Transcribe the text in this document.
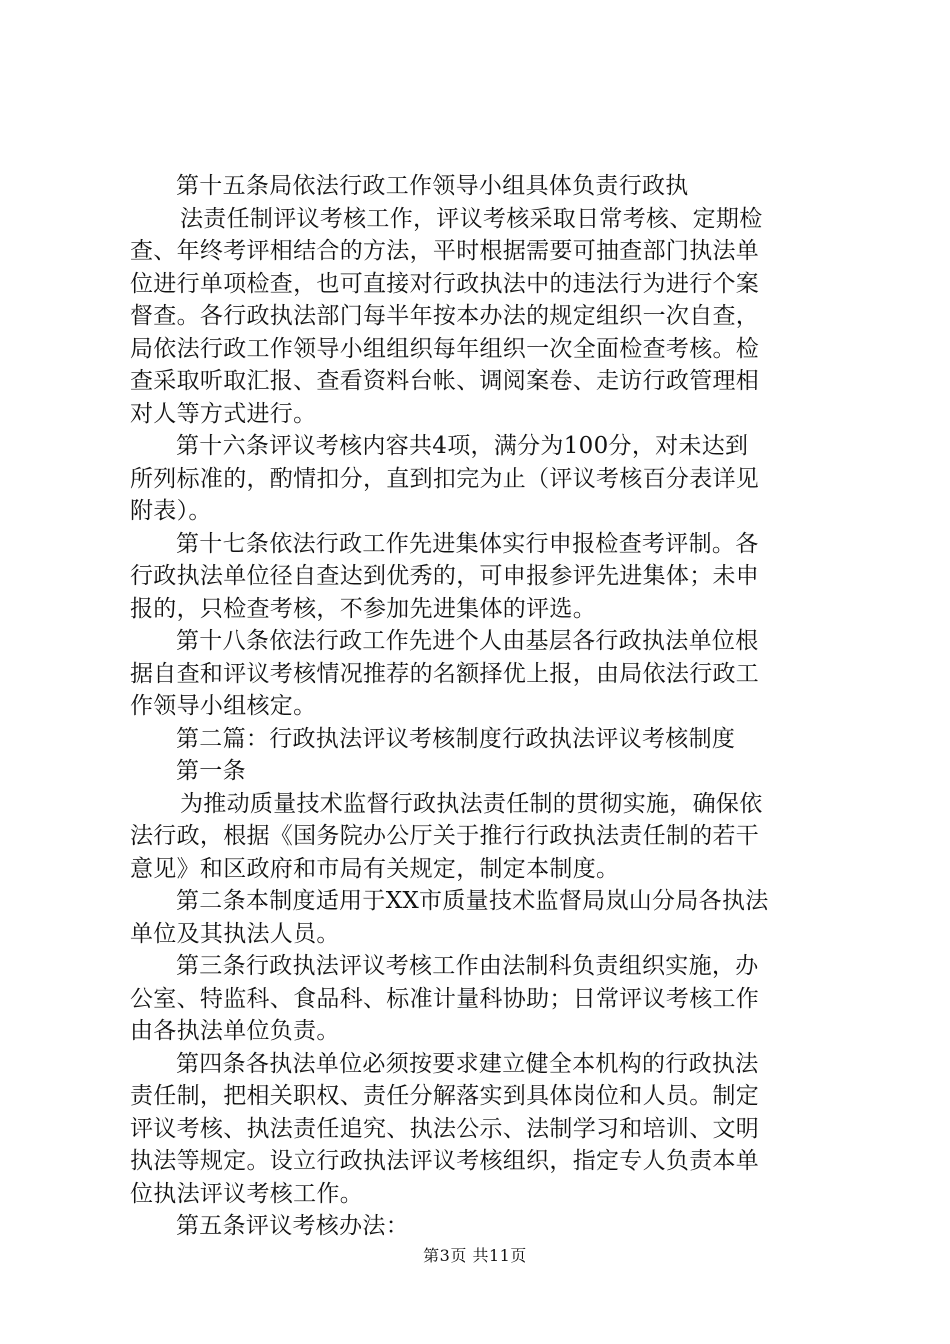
第十五条局依法行政工作领导小组具体负责行政执
法责任制评议考核工作，评议考核采取日常考核、定期检
查、年终考评相结合的方法，平时根据需要可抽查部门执法单
位进行单项检查，也可直接对行政执法中的违法行为进行个案
督查。各行政执法部门每半年按本办法的规定组织一次自查，
局依法行政工作领导小组组织每年组织一次全面检查考核。检
查采取听取汇报、查看资料台帐、调阅案卷、走访行政管理相
对人等方式进行。
第十六条评议考核内容共4项，满分为100分，对未达到
所列标准的，酌情扣分，直到扣完为止（评议考核百分表详见
附表）。
第十七条依法行政工作先进集体实行申报检查考评制。各
行政执法单位径自查达到优秀的，可申报参评先进集体；未申
报的，只检查考核，不参加先进集体的评选。
第十八条依法行政工作先进个人由基层各行政执法单位根
据自查和评议考核情况推荐的名额择优上报，由局依法行政工
作领导小组核定。
第二篇：行政执法评议考核制度行政执法评议考核制度
第一条
为推动质量技术监督行政执法责任制的贯彻实施，确保依
法行政，根据《国务院办公厅关于推行行政执法责任制的若干
意见》和区政府和市局有关规定，制定本制度。
第二条本制度适用于XX市质量技术监督局岚山分局各执法
单位及其执法人员。
第三条行政执法评议考核工作由法制科负责组织实施，办
公室、特监科、食品科、标准计量科协助；日常评议考核工作
由各执法单位负责。
第四条各执法单位必须按要求建立健全本机构的行政执法
责任制，把相关职权、责任分解落实到具体岗位和人员。制定
评议考核、执法责任追究、执法公示、法制学习和培训、文明
执法等规定。设立行政执法评议考核组织，指定专人负责本单
位执法评议考核工作。
第五条评议考核办法：
第3页 共11页
